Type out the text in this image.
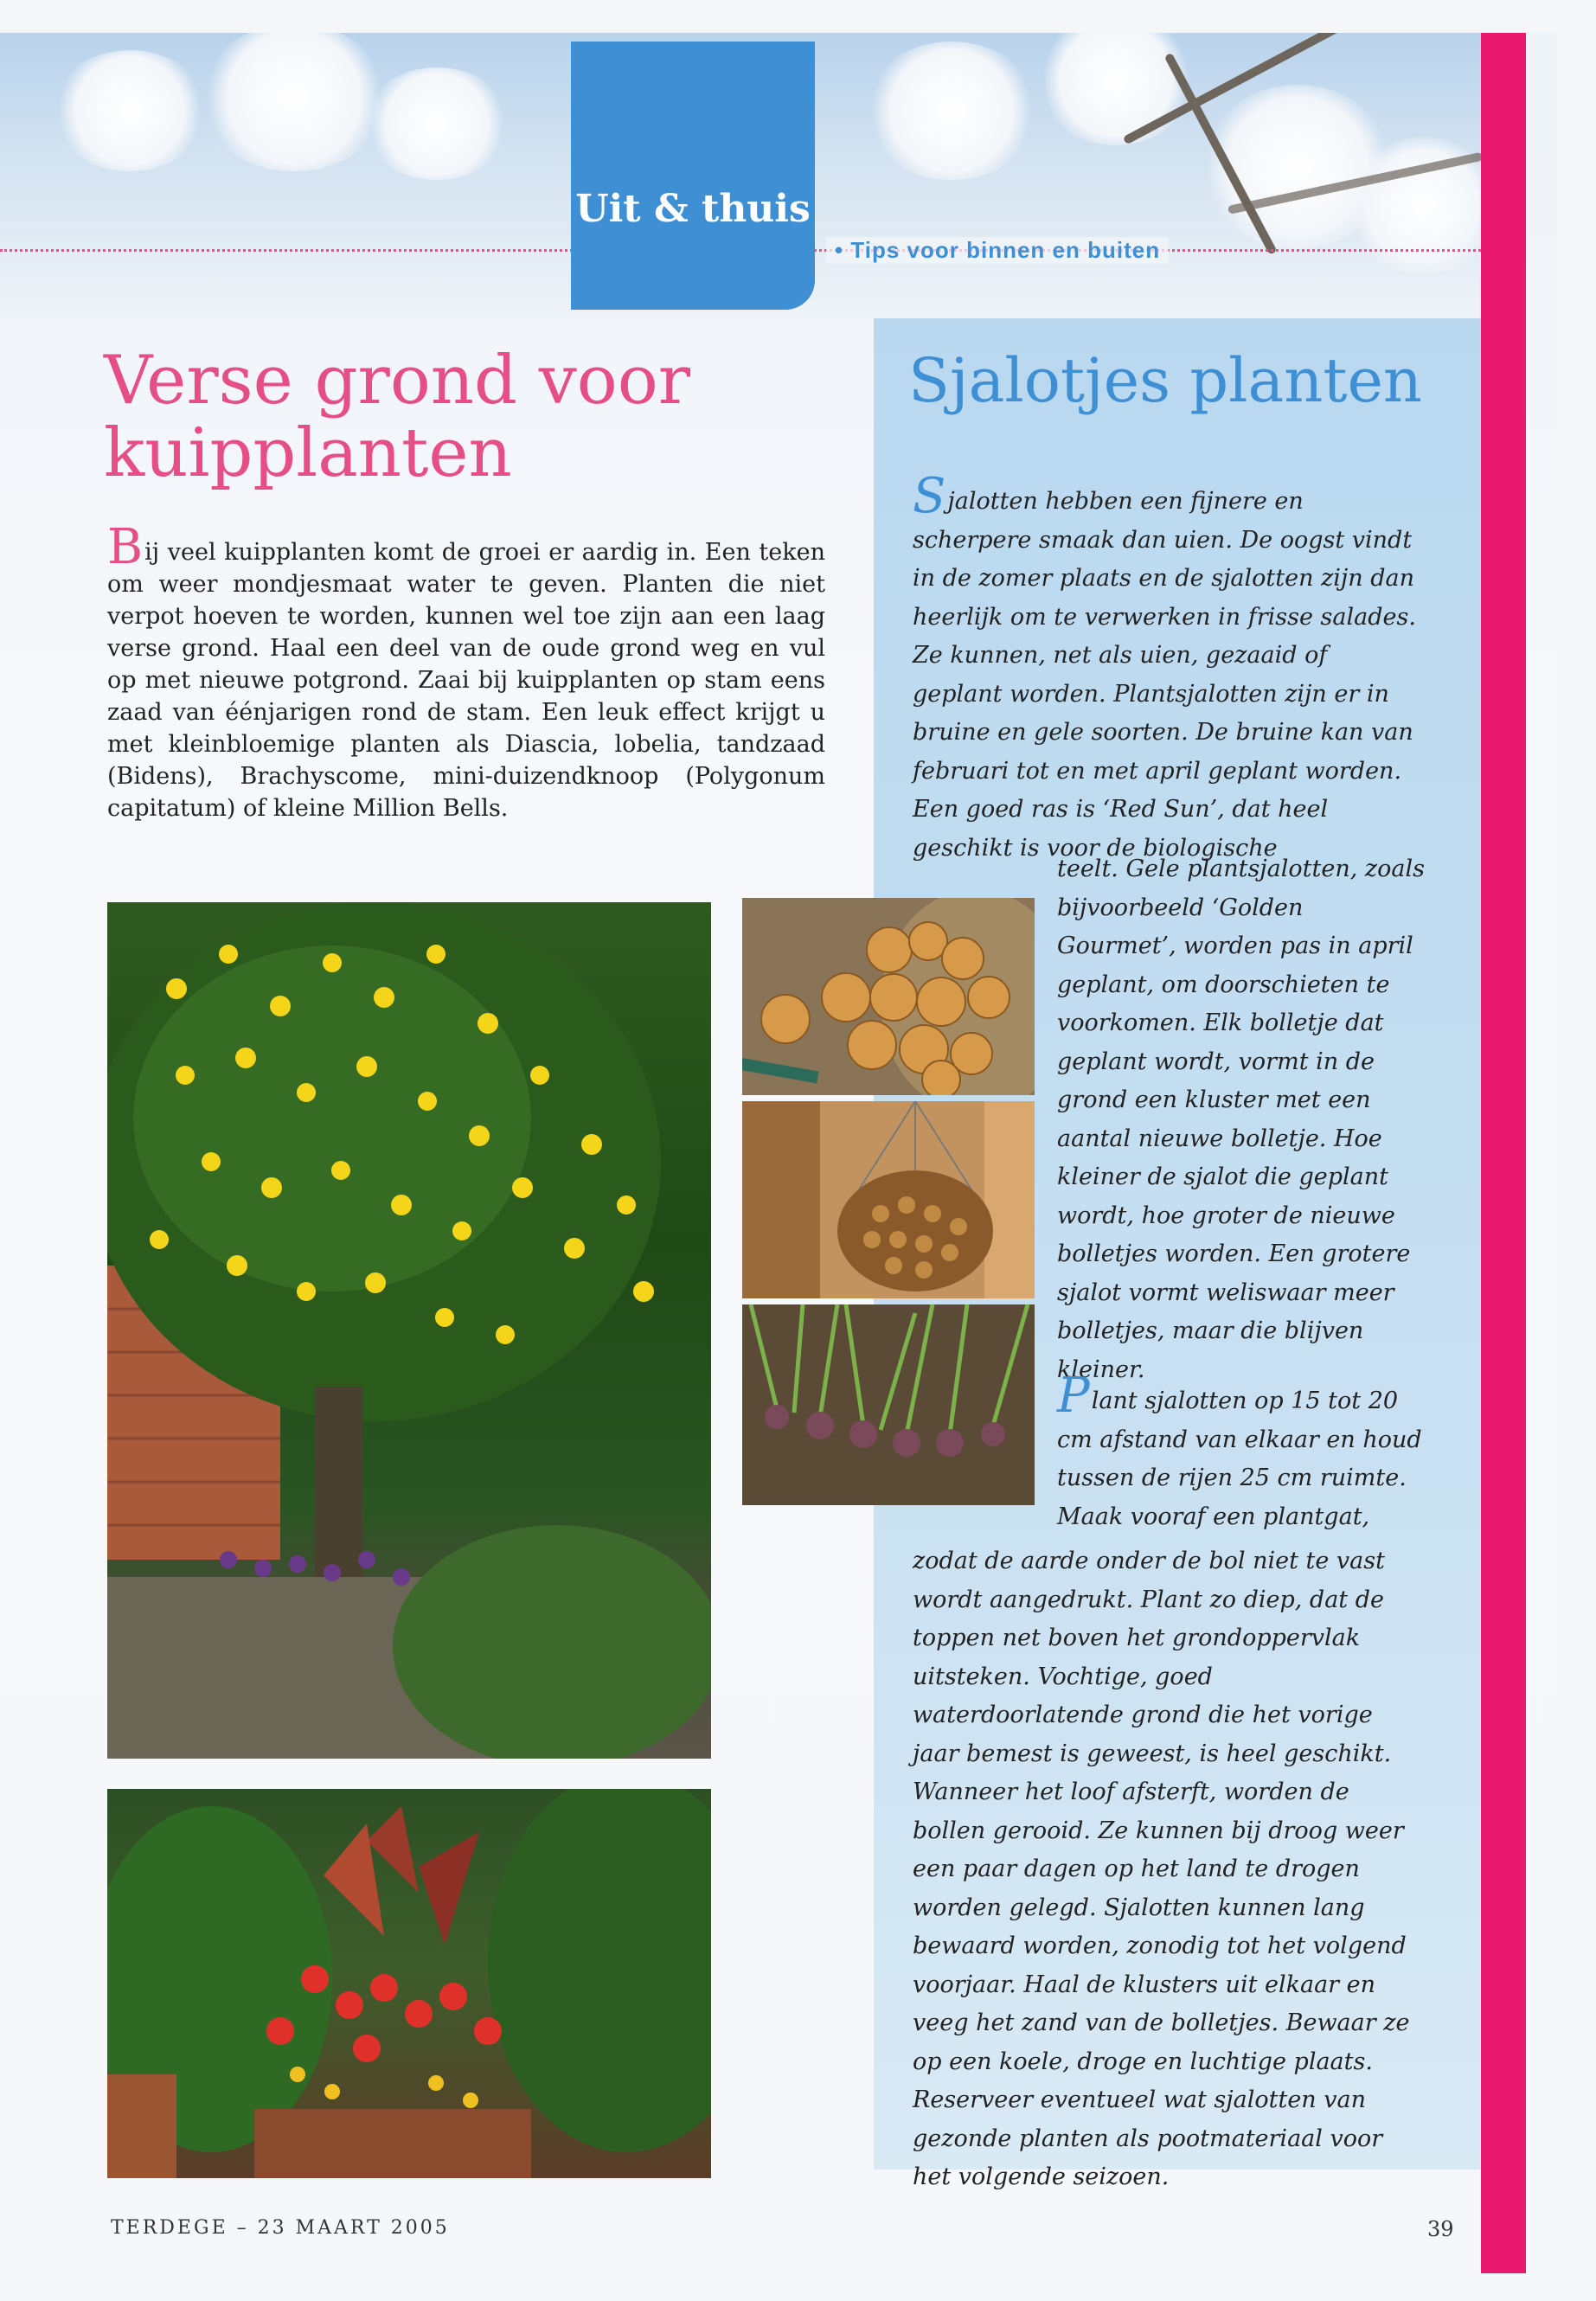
Uit & thuis
• Tips voor binnen en buiten
Verse grond voor kuipplanten
Bij veel kuipplanten komt de groei er aardig in. Een teken om weer mondjesmaat water te geven. Planten die niet verpot hoeven te worden, kunnen wel toe zijn aan een laag verse grond. Haal een deel van de oude grond weg en vul op met nieuwe potgrond. Zaai bij kuipplanten op stam eens zaad van éénjarigen rond de stam. Een leuk effect krijgt u met kleinbloemige planten als Diascia, lobelia, tandzaad (Bidens), Brachyscome, mini-duizendknoop (Polygonum capitatum) of kleine Million Bells.
Sjalotjes planten
Sjalotten hebben een fijnere en scherpere smaak dan uien. De oogst vindt in de zomer plaats en de sjalotten zijn dan heerlijk om te verwerken in frisse salades. Ze kunnen, net als uien, gezaaid of geplant worden. Plantsjalotten zijn er in bruine en gele soorten. De bruine kan van februari tot en met april geplant worden. Een goed ras is ‘Red Sun’, dat heel geschikt is voor de biologische
teelt. Gele plantsjalotten, zoals bijvoorbeeld ‘Golden Gourmet’, worden pas in april geplant, om doorschieten te voorkomen. Elk bolletje dat geplant wordt, vormt in de grond een kluster met een aantal nieuwe bolletje. Hoe kleiner de sjalot die geplant wordt, hoe groter de nieuwe bolletjes worden. Een grotere sjalot vormt weliswaar meer bolletjes, maar die blijven kleiner.
Plant sjalotten op 15 tot 20 cm afstand van elkaar en houd tussen de rijen 25 cm ruimte. Maak vooraf een plantgat,
zodat de aarde onder de bol niet te vast wordt aangedrukt. Plant zo diep, dat de toppen net boven het grondoppervlak uitsteken. Vochtige, goed waterdoorlatende grond die het vorige jaar bemest is geweest, is heel geschikt. Wanneer het loof afsterft, worden de bollen gerooid. Ze kunnen bij droog weer een paar dagen op het land te drogen worden gelegd. Sjalotten kunnen lang bewaard worden, zonodig tot het volgend voorjaar. Haal de klusters uit elkaar en veeg het zand van de bolletjes. Bewaar ze op een koele, droge en luchtige plaats. Reserveer eventueel wat sjalotten van gezonde planten als pootmateriaal voor het volgende seizoen.
TERDEGE – 23 MAART 2005	39
